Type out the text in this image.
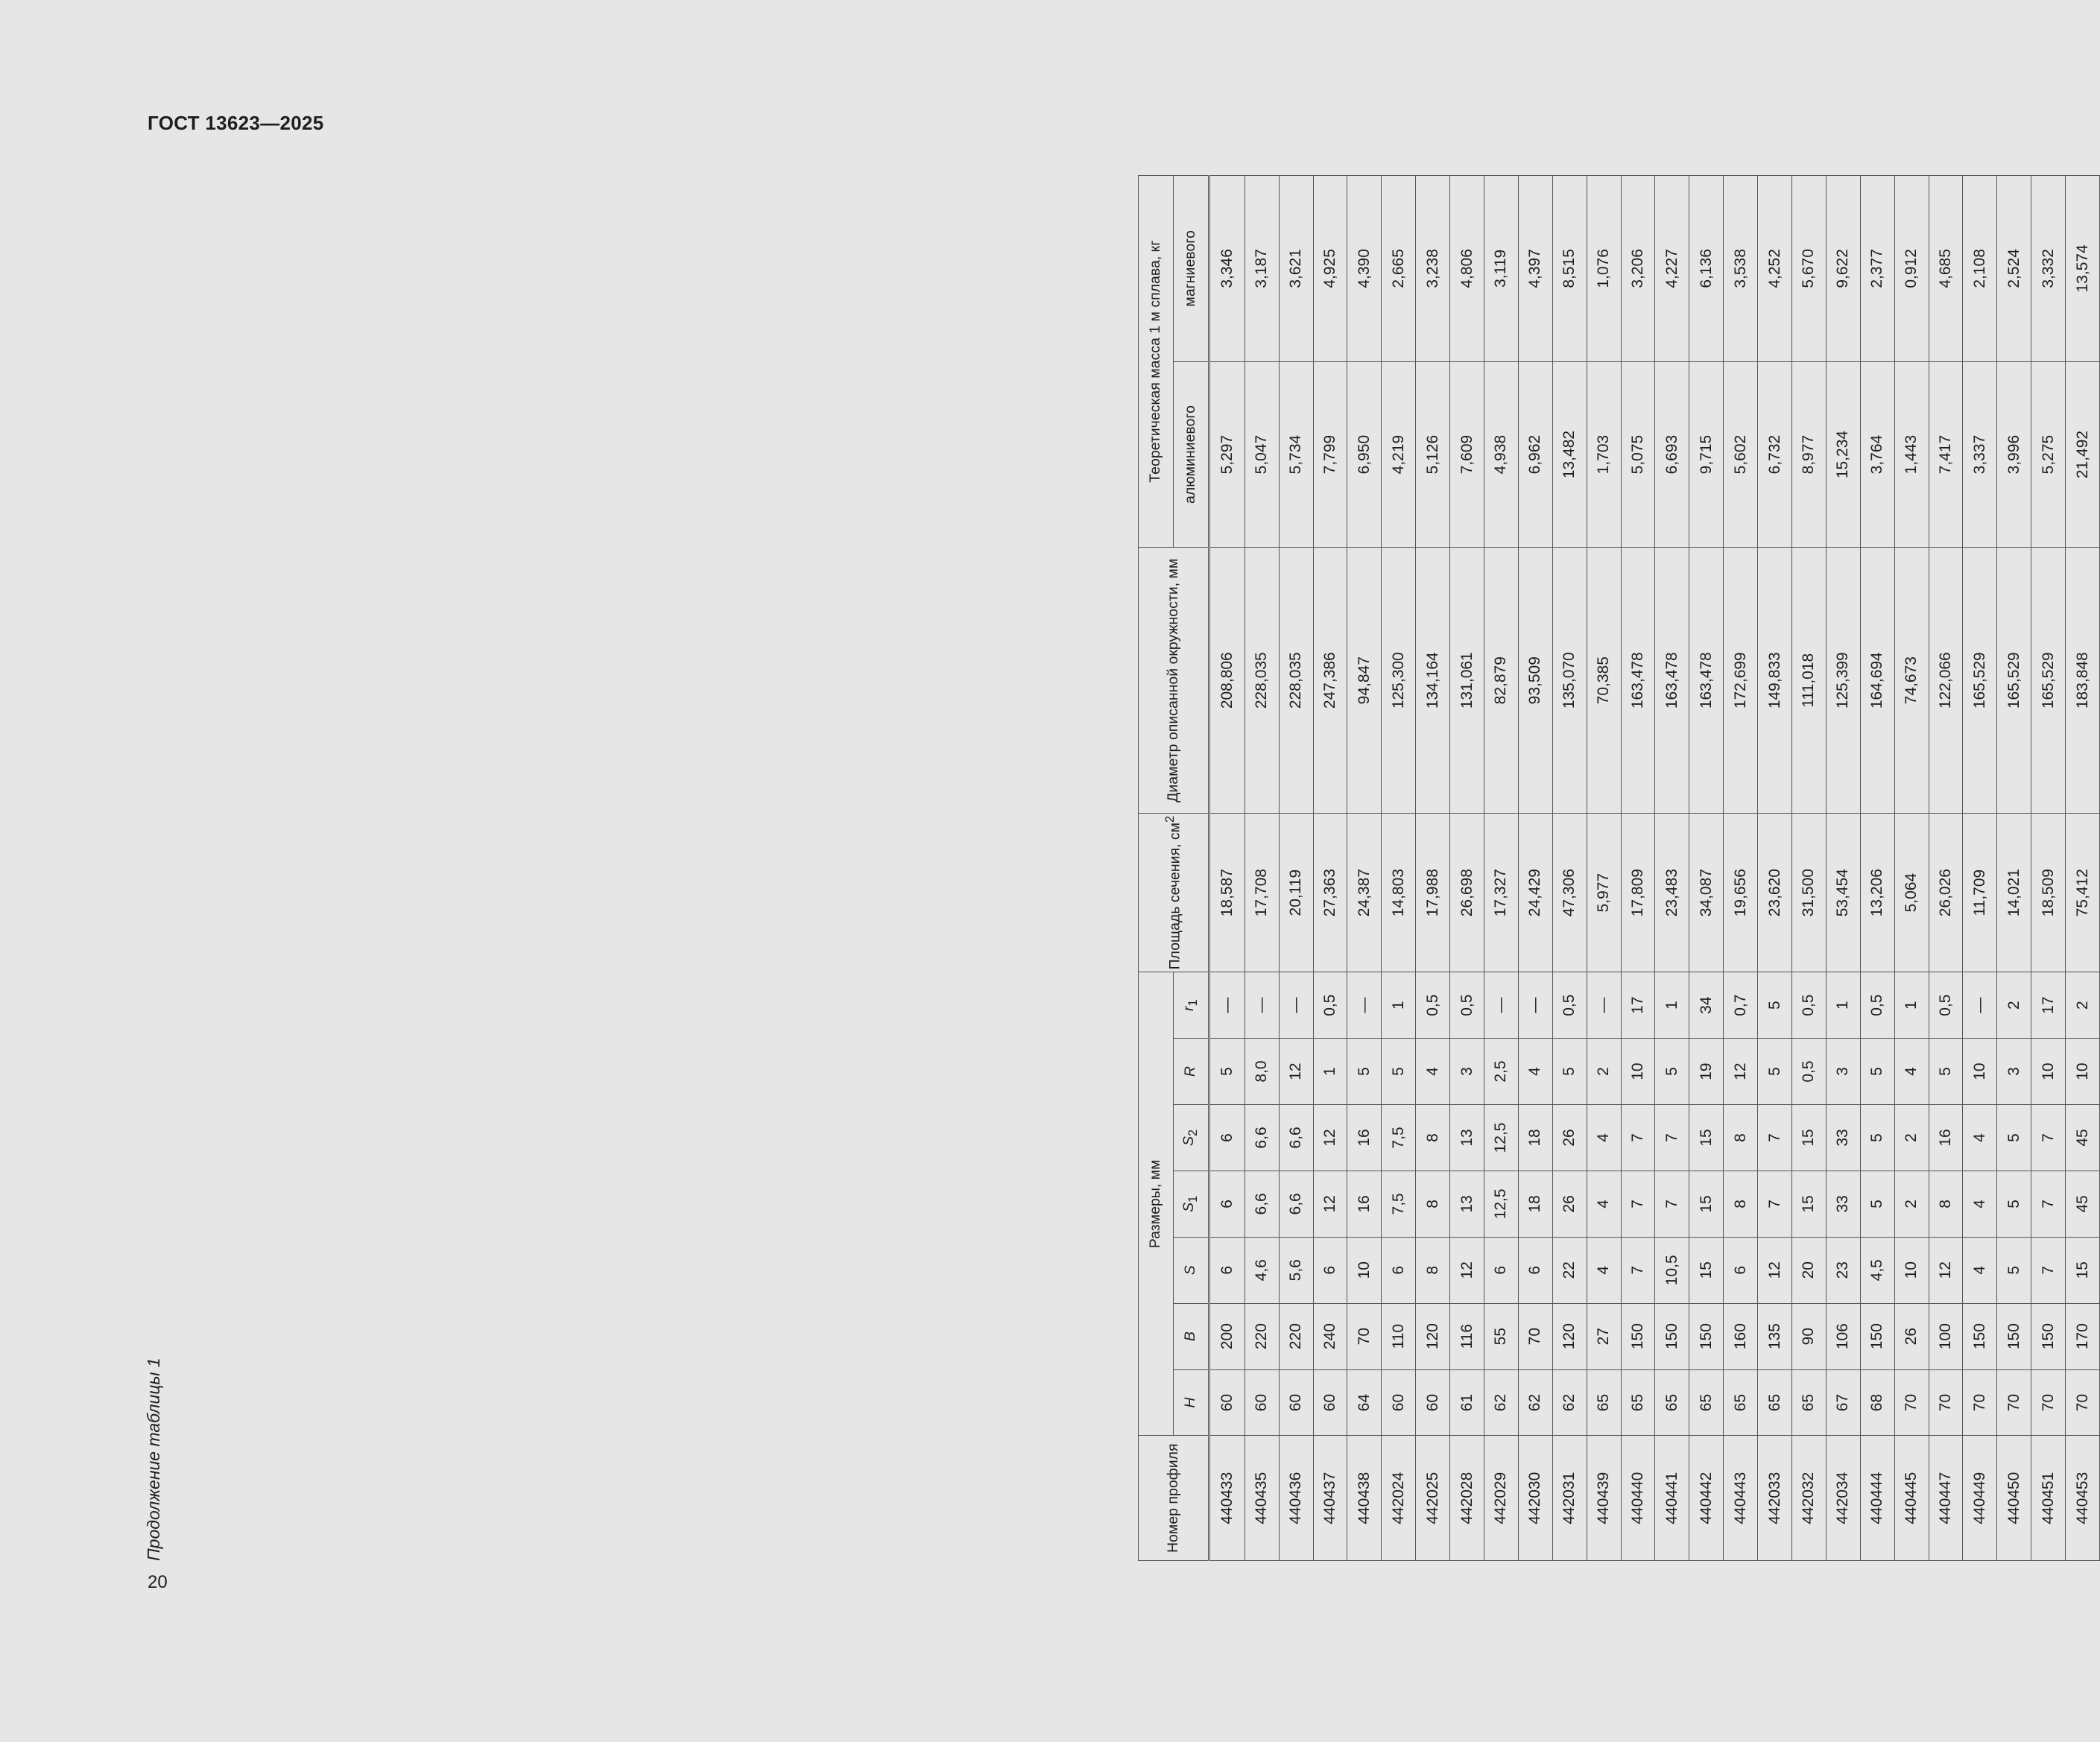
ГОСТ 13623—2025
20
Продолжение таблицы 1	Номер профиля	Размеры, мм							Площадь сечения, $см^2$	Диаметр описанной окружности, мм	Теоретическая масса 1 м сплава, кг	
	H	B	S	$S_1$	$S_2$	R	$r_1$			алюминиевого	магниевого
440433	60	200	6	6	6	5	—	18,587	208,806	5,297	3,346
440435	60	220	4,6	6,6	6,6	8,0	—	17,708	228,035	5,047	3,187
440436	60	220	5,6	6,6	6,6	12	—	20,119	228,035	5,734	3,621
440437	60	240	6	12	12	1	0,5	27,363	247,386	7,799	4,925
440438	64	70	10	16	16	5	—	24,387	94,847	6,950	4,390
442024	60	110	6	7,5	7,5	5	1	14,803	125,300	4,219	2,665
442025	60	120	8	8	8	4	0,5	17,988	134,164	5,126	3,238
442028	61	116	12	13	13	3	0,5	26,698	131,061	7,609	4,806
442029	62	55	6	12,5	12,5	2,5	—	17,327	82,879	4,938	3,119
442030	62	70	6	18	18	4	—	24,429	93,509	6,962	4,397
442031	62	120	22	26	26	5	0,5	47,306	135,070	13,482	8,515
440439	65	27	4	4	4	2	—	5,977	70,385	1,703	1,076
440440	65	150	7	7	7	10	17	17,809	163,478	5,075	3,206
440441	65	150	10,5	7	7	5	1	23,483	163,478	6,693	4,227
440442	65	150	15	15	15	19	34	34,087	163,478	9,715	6,136
440443	65	160	6	8	8	12	0,7	19,656	172,699	5,602	3,538
442033	65	135	12	7	7	5	5	23,620	149,833	6,732	4,252
442032	65	90	20	15	15	0,5	0,5	31,500	111,018	8,977	5,670
442034	67	106	23	33	33	3	1	53,454	125,399	15,234	9,622
440444	68	150	4,5	5	5	5	0,5	13,206	164,694	3,764	2,377
440445	70	26	10	2	2	4	1	5,064	74,673	1,443	0,912
440447	70	100	12	8	16	5	0,5	26,026	122,066	7,417	4,685
440449	70	150	4	4	4	10	—	11,709	165,529	3,337	2,108
440450	70	150	5	5	5	3	2	14,021	165,529	3,996	2,524
440451	70	150	7	7	7	10	17	18,509	165,529	5,275	3,332
440453	70	170	15	45	45	10	2	75,412	183,848	21,492	13,574
